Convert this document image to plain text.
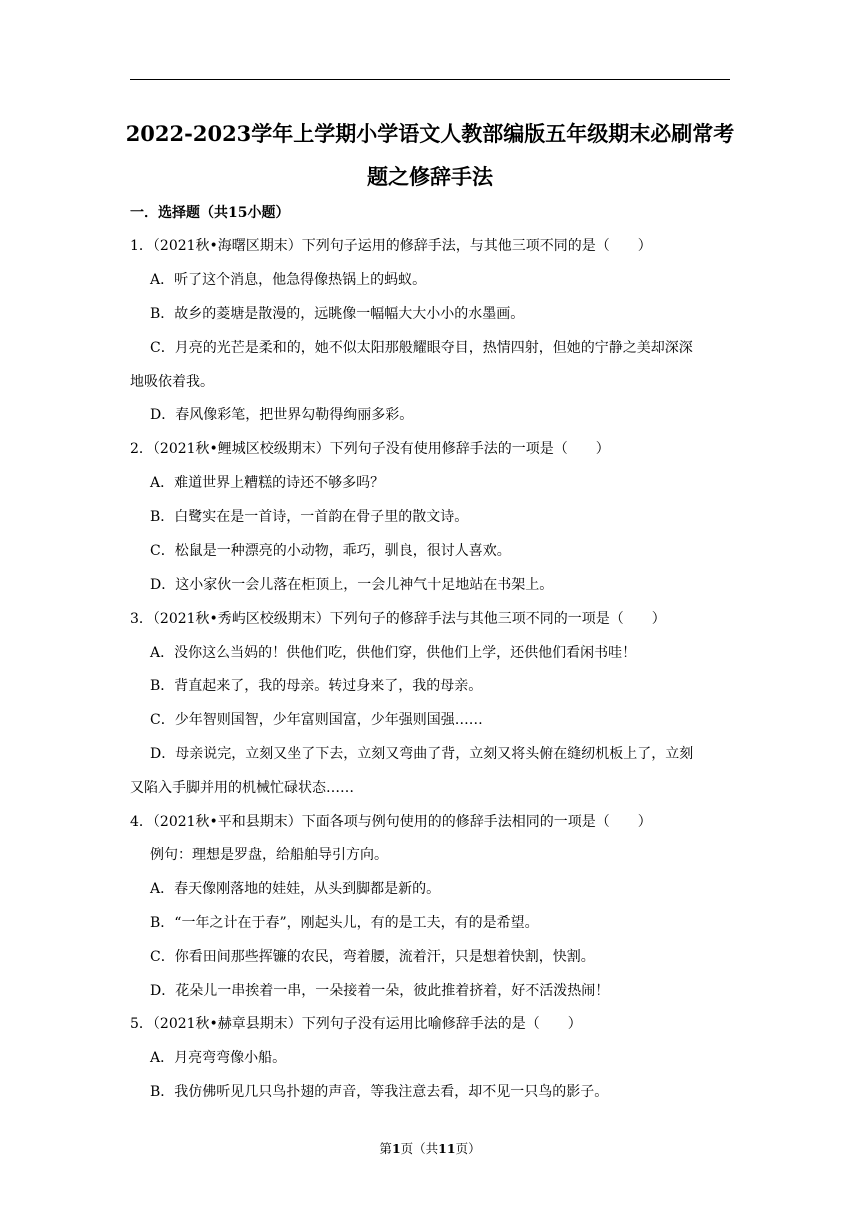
2022-2023学年上学期小学语文人教部编版五年级期末必刷常考
题之修辞手法
一．选择题（共15小题）
1．（2021秋•海曙区期末）下列句子运用的修辞手法，与其他三项不同的是（　　）
A．听了这个消息，他急得像热锅上的蚂蚁。
B．故乡的菱塘是散漫的，远眺像一幅幅大大小小的水墨画。
C．月亮的光芒是柔和的，她不似太阳那般耀眼夺目，热情四射，但她的宁静之美却深深
地吸依着我。
D．春风像彩笔，把世界勾勒得绚丽多彩。
2．（2021秋•鲤城区校级期末）下列句子没有使用修辞手法的一项是（　　）
A．难道世界上糟糕的诗还不够多吗？
B．白鹭实在是一首诗，一首韵在骨子里的散文诗。
C．松鼠是一种漂亮的小动物，乖巧，驯良，很讨人喜欢。
D．这小家伙一会儿落在柜顶上，一会儿神气十足地站在书架上。
3．（2021秋•秀屿区校级期末）下列句子的修辞手法与其他三项不同的一项是（　　）
A．没你这么当妈的！供他们吃，供他们穿，供他们上学，还供他们看闲书哇！
B．背直起来了，我的母亲。转过身来了，我的母亲。
C．少年智则国智，少年富则国富，少年强则国强……
D．母亲说完，立刻又坐了下去，立刻又弯曲了背，立刻又将头俯在缝纫机板上了，立刻
又陷入手脚并用的机械忙碌状态……
4．（2021秋•平和县期末）下面各项与例句使用的的修辞手法相同的一项是（　　）
例句：理想是罗盘，给船舶导引方向。
A．春天像刚落地的娃娃，从头到脚都是新的。
B．“一年之计在于春”，刚起头儿，有的是工夫，有的是希望。
C．你看田间那些挥镰的农民，弯着腰，流着汗，只是想着快割，快割。
D．花朵儿一串挨着一串，一朵接着一朵，彼此推着挤着，好不活泼热闹！
5．（2021秋•赫章县期末）下列句子没有运用比喻修辞手法的是（　　）
A．月亮弯弯像小船。
B．我仿佛听见几只鸟扑翅的声音，等我注意去看，却不见一只鸟的影子。
第1页（共11页）
